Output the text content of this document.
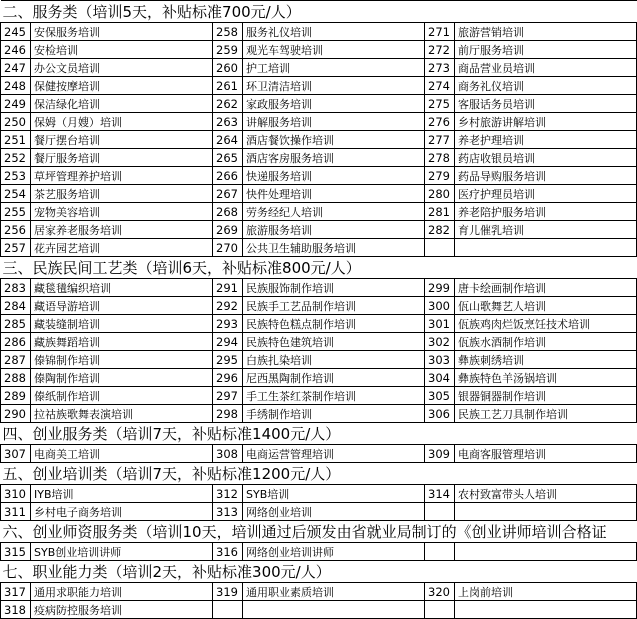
二、服务类（培训5天，补贴标准700元/人）					
245	安保服务培训	258	服务礼仪培训	271	旅游营销培训
246	安检培训	259	观光车驾驶培训	272	前厅服务培训
247	办公文员培训	260	护工培训	273	商品营业员培训
248	保健按摩培训	261	环卫清洁培训	274	商务礼仪培训
249	保洁绿化培训	262	家政服务培训	275	客服话务员培训
250	保姆（月嫂）培训	263	讲解服务培训	276	乡村旅游讲解培训
251	餐厅摆台培训	264	酒店餐饮操作培训	277	养老护理培训
252	餐厅服务培训	265	酒店客房服务培训	278	药店收银员培训
253	草坪管理养护培训	266	快递服务培训	279	药品导购服务培训
254	茶艺服务培训	267	快件处理培训	280	医疗护理员培训
255	宠物美容培训	268	劳务经纪人培训	281	养老陪护服务培训
256	居家养老服务培训	269	旅游服务培训	282	育儿催乳培训
257	花卉园艺培训	270	公共卫生辅助服务培训		
三、民族民间工艺类（培训6天，补贴标准800元/人）					
283	藏毯氆编织培训	291	民族服饰制作培训	299	唐卡绘画制作培训
284	藏语导游培训	292	民族手工艺品制作培训	300	佤山歌舞艺人培训
285	藏装缝制培训	293	民族特色糕点制作培训	301	佤族鸡肉烂饭烹饪技术培训
286	藏族舞蹈培训	294	民族特色建筑培训	302	佤族水酒制作培训
287	傣锦制作培训	295	白族扎染培训	303	彝族刺绣培训
288	傣陶制作培训	296	尼西黑陶制作培训	304	彝族特色羊汤锅培训
289	傣纸制作培训	297	手工生茶红茶制作培训	305	银器铜器制作培训
290	拉祜族歌舞表演培训	298	手绣制作培训	306	民族工艺刀具制作培训
四、创业服务类（培训7天，补贴标准1400元/人）					
307	电商美工培训	308	电商运营管理培训	309	电商客服管理培训
五、创业培训类（培训7天，补贴标准1200元/人）					
310	IYB培训	312	SYB培训	314	农村致富带头人培训
311	乡村电子商务培训	313	网络创业培训		
六、创业师资服务类（培训10天，培训通过后颁发由省就业局制订的《创业讲师培训合格证					
315	SYB创业培训讲师	316	网络创业培训讲师		
七、职业能力类（培训2天，补贴标准300元/人）					
317	通用求职能力培训	319	通用职业素质培训	320	上岗前培训
318	疫病防控服务培训				
